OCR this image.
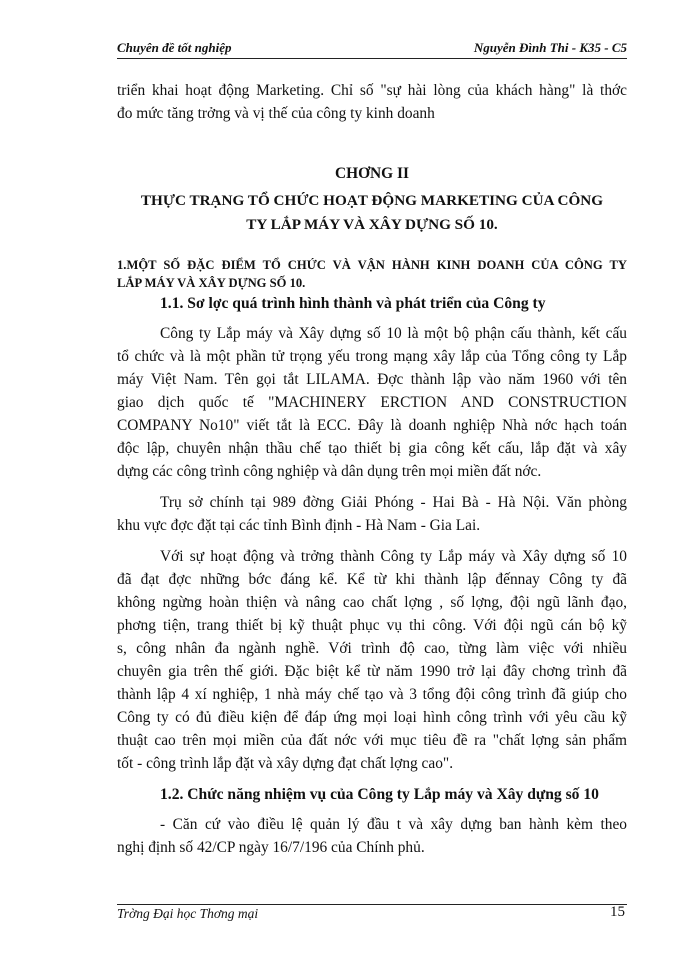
Chuyên đề tốt nghiệp	Nguyễn Đình Thi - K35 - C5
triển khai hoạt động Marketing. Chỉ số "sự hài lòng của khách hàng" là thớc
đo mức tăng trởng và vị thế của công ty kinh doanh
CHƠNG II
THỰC TRẠNG TỔ CHỨC HOẠT ĐỘNG MARKETING CỦA CÔNG
TY LẮP MÁY VÀ XÂY DỰNG SỐ 10.
1.MỘT SỐ ĐẶC ĐIỂM TỔ CHỨC VÀ VẬN HÀNH KINH DOANH CỦA CÔNG TY
LẮP MÁY VÀ XÂY DỰNG SỐ 10.
1.1. Sơ lợc quá trình hình thành và phát triển của Công ty
Công ty Lắp máy và Xây dựng số 10 là một bộ phận cấu thành, kết cấu
tổ chức và là một phần tử trọng yếu trong mạng xây lắp của Tổng công ty Lắp
máy Việt Nam. Tên gọi tắt LILAMA. Đợc thành lập vào năm 1960 với tên
giao dịch quốc tế "MACHINERY ERCTION AND CONSTRUCTION
COMPANY No10" viết tắt là ECC. Đây là doanh nghiệp Nhà nớc hạch toán
độc lập, chuyên nhận thầu chế tạo thiết bị gia công kết cấu, lắp đặt và xây
dựng các công trình công nghiệp và dân dụng trên mọi miền đất nớc.
Trụ sở chính tại 989 đờng Giải Phóng - Hai Bà - Hà Nội. Văn phòng
khu vực đợc đặt tại các tỉnh Bình định - Hà Nam - Gia Lai.
Với sự hoạt động và trởng thành Công ty Lắp máy và Xây dựng số 10
đã đạt đợc những bớc đáng kể. Kể từ khi thành lập đếnnay Công ty đã
không ngừng hoàn thiện và nâng cao chất lợng , số lợng, đội ngũ lãnh đạo,
phơng tiện, trang thiết bị kỹ thuật phục vụ thi công. Với đội ngũ cán bộ kỹ
s, công nhân đa ngành nghề. Với trình độ cao, từng làm việc với nhiều
chuyên gia trên thế giới. Đặc biệt kể từ năm 1990 trở lại đây chơng trình đã
thành lập 4 xí nghiệp, 1 nhà máy chế tạo và 3 tổng đội công trình đã giúp cho
Công ty có đủ điều kiện để đáp ứng mọi loại hình công trình với yêu cầu kỹ
thuật cao trên mọi miền của đất nớc với mục tiêu đề ra "chất lợng sản phẩm
tốt - công trình lắp đặt và xây dựng đạt chất lợng cao".
1.2. Chức năng nhiệm vụ của Công ty Lắp máy và Xây dựng số 10
- Căn cứ vào điều lệ quản lý đầu t và xây dựng ban hành kèm theo
nghị định số 42/CP ngày 16/7/196 của Chính phủ.
Trờng Đại học Thơng mại	15
